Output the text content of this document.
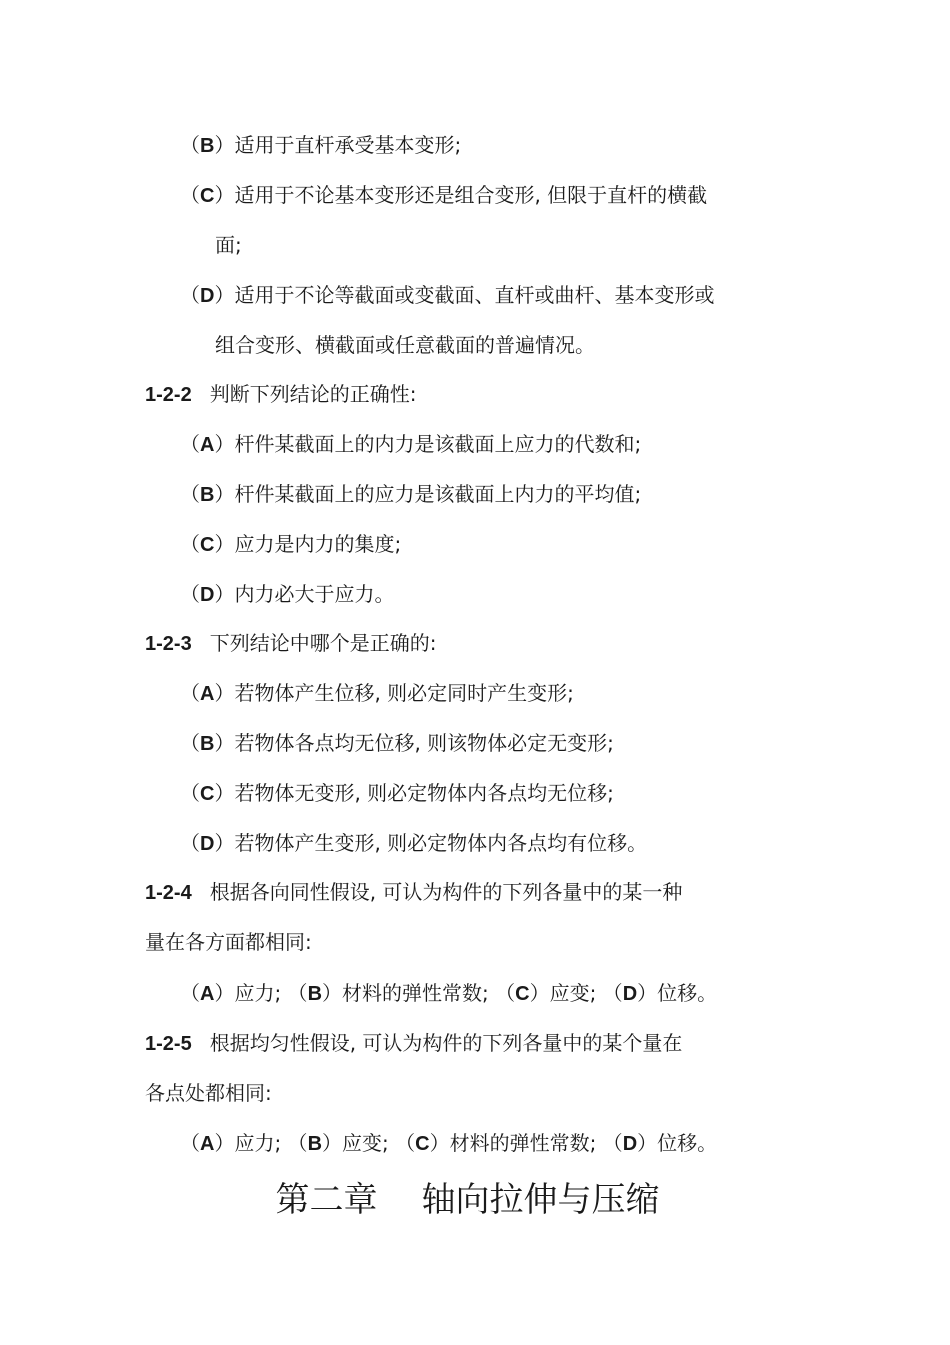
（B）适用于直杆承受基本变形;
（C）适用于不论基本变形还是组合变形, 但限于直杆的横截
面;
（D）适用于不论等截面或变截面、直杆或曲杆、基本变形或
组合变形、横截面或任意截面的普遍情况。
1-2-2 判断下列结论的正确性:
（A）杆件某截面上的内力是该截面上应力的代数和;
（B）杆件某截面上的应力是该截面上内力的平均值;
（C）应力是内力的集度;
（D）内力必大于应力。
1-2-3 下列结论中哪个是正确的:
（A）若物体产生位移, 则必定同时产生变形;
（B）若物体各点均无位移, 则该物体必定无变形;
（C）若物体无变形, 则必定物体内各点均无位移;
（D）若物体产生变形, 则必定物体内各点均有位移。
1-2-4 根据各向同性假设, 可认为构件的下列各量中的某一种
量在各方面都相同:
（A）应力; （B）材料的弹性常数; （C）应变; （D）位移。
1-2-5 根据均匀性假设, 可认为构件的下列各量中的某个量在
各点处都相同:
（A）应力; （B）应变; （C）材料的弹性常数; （D）位移。
第二章 轴向拉伸与压缩
